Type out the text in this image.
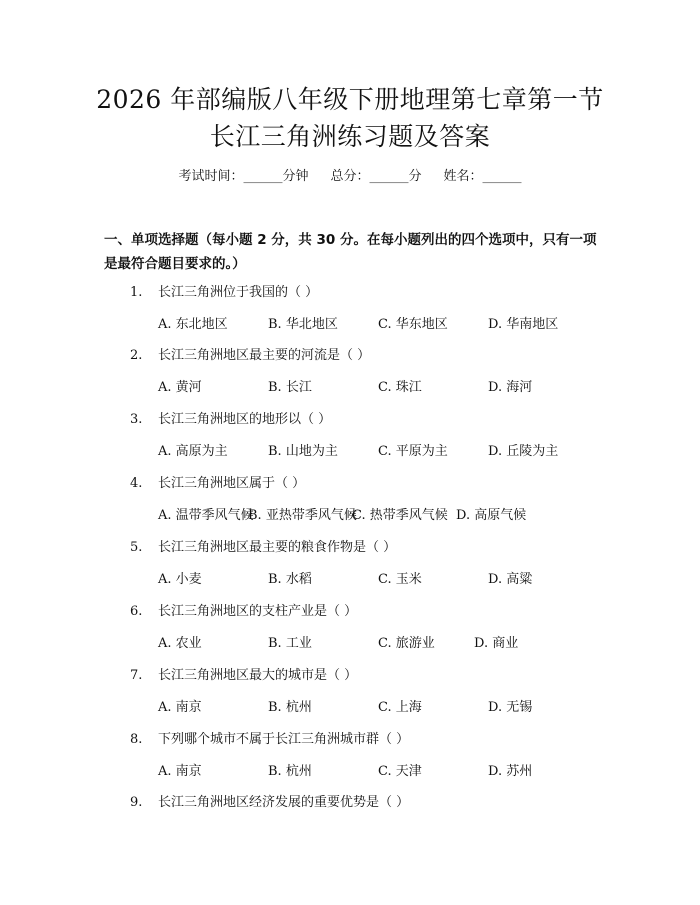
2026 年部编版八年级下册地理第七章第一节
长江三角洲练习题及答案
考试时间：______分钟 总分：______分 姓名：______
一、单项选择题（每小题 2 分，共 30 分。在每小题列出的四个选项中，只有一项是最符合题目要求的。）
1. 长江三角洲位于我国的（ ）
A. 东北地区	B. 华北地区	C. 华东地区	D. 华南地区
2. 长江三角洲地区最主要的河流是（ ）
A. 黄河	B. 长江	C. 珠江	D. 海河
3. 长江三角洲地区的地形以（ ）
A. 高原为主	B. 山地为主	C. 平原为主	D. 丘陵为主
4. 长江三角洲地区属于（ ）
A. 温带季风气候
B. 亚热带季风气候
C. 热带季风气候 D. 高原气候
5. 长江三角洲地区最主要的粮食作物是（ ）
A. 小麦	B. 水稻	C. 玉米	D. 高粱
6. 长江三角洲地区的支柱产业是（ ）
A. 农业	B. 工业	C. 旅游业	D. 商业
7. 长江三角洲地区最大的城市是（ ）
A. 南京	B. 杭州	C. 上海	D. 无锡
8. 下列哪个城市不属于长江三角洲城市群（ ）
A. 南京	B. 杭州	C. 天津	D. 苏州
9. 长江三角洲地区经济发展的重要优势是（ ）
